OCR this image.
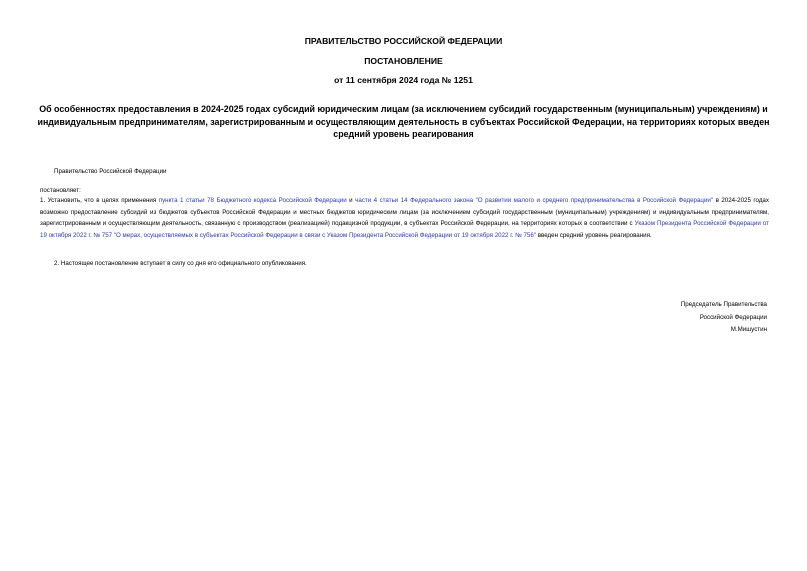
ПРАВИТЕЛЬСТВО РОССИЙСКОЙ ФЕДЕРАЦИИ
ПОСТАНОВЛЕНИЕ
от 11 сентября 2024 года № 1251
Об особенностях предоставления в 2024-2025 годах субсидий юридическим лицам (за исключением субсидий государственным (муниципальным) учреждениям) и индивидуальным предпринимателям, зарегистрированным и осуществляющим деятельность в субъектах Российской Федерации, на территориях которых введен средний уровень реагирования
Правительство Российской Федерации
постановляет:
1. Установить, что в целях применения пункта 1 статьи 78 Бюджетного кодекса Российской Федерации и части 4 статьи 14 Федерального закона "О развитии малого и среднего предпринимательства в Российской Федерации" в 2024-2025 годах возможно предоставление субсидий из бюджетов субъектов Российской Федерации и местных бюджетов юридическим лицам (за исключением субсидий государственным (муниципальным) учреждениям) и индивидуальным предпринимателям, зарегистрированным и осуществляющим деятельность, связанную с производством (реализацией) подакцизной продукции, в субъектах Российской Федерации, на территориях которых в соответствии с Указом Президента Российской Федерации от 19 октября 2022 г. № 757 "О мерах, осуществляемых в субъектах Российской Федерации в связи с Указом Президента Российской Федерации от 19 октября 2022 г. № 756" введен средний уровень реагирования.
2. Настоящее постановление вступает в силу со дня его официального опубликования.
Председатель Правительства
Российской Федерации
М.Мишустин
